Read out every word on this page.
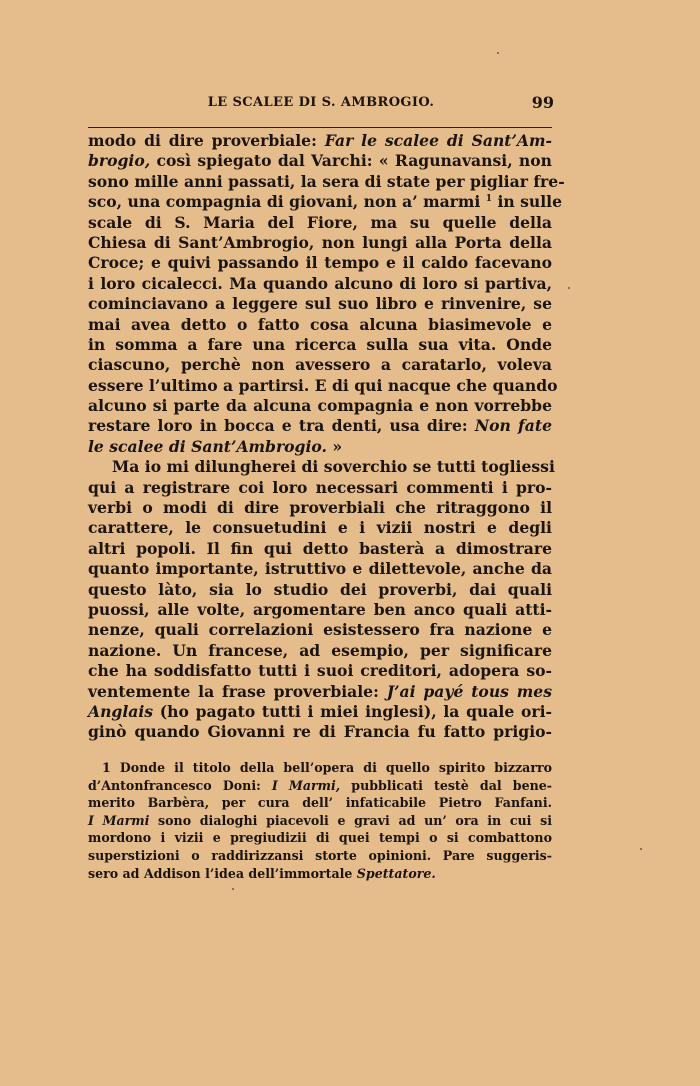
LE SCALEE DI S. AMBROGIO.	99
modo di dire proverbiale: Far le scalee di Sant’Am-
brogio, così spiegato dal Varchi: « Ragunavansi, non
sono mille anni passati, la sera di state per pigliar fre-
sco, una compagnia di giovani, non a’ marmi $^1$ in sulle
scale di S. Maria del Fiore, ma su quelle della
Chiesa di Sant’Ambrogio, non lungi alla Porta della
Croce; e quivi passando il tempo e il caldo facevano
i loro cicalecci. Ma quando alcuno di loro si partiva,
cominciavano a leggere sul suo libro e rinvenire, se
mai avea detto o fatto cosa alcuna biasimevole e
in somma a fare una ricerca sulla sua vita. Onde
ciascuno, perchè non avessero a caratarlo, voleva
essere l’ultimo a partirsi. E di qui nacque che quando
alcuno si parte da alcuna compagnia e non vorrebbe
restare loro in bocca e tra denti, usa dire: Non fate
le scalee di Sant’Ambrogio. »
Ma io mi dilungherei di soverchio se tutti togliessi
qui a registrare coi loro necessari commenti i pro-
verbi o modi di dire proverbiali che ritraggono il
carattere, le consuetudini e i vizii nostri e degli
altri popoli. Il fin qui detto basterà a dimostrare
quanto importante, istruttivo e dilettevole, anche da
questo làto, sia lo studio dei proverbi, dai quali
puossi, alle volte, argomentare ben anco quali atti-
nenze, quali correlazioni esistessero fra nazione e
nazione. Un francese, ad esempio, per significare
che ha soddisfatto tutti i suoi creditori, adopera so-
ventemente la frase proverbiale: J’ai payé tous mes
Anglais (ho pagato tutti i miei inglesi), la quale ori-
ginò quando Giovanni re di Francia fu fatto prigio-
1 Donde il titolo della bell’opera di quello spirito bizzarro
d’Antonfrancesco Doni: I Marmi, pubblicati testè dal bene-
merito Barbèra, per cura dell’ infaticabile Pietro Fanfani.
I Marmi sono dialoghi piacevoli e gravi ad un’ ora in cui si
mordono i vizii e pregiudizii di quei tempi o si combattono
superstizioni o raddirizzansi storte opinioni. Pare suggeris-
sero ad Addison l’idea dell’immortale Spettatore.
